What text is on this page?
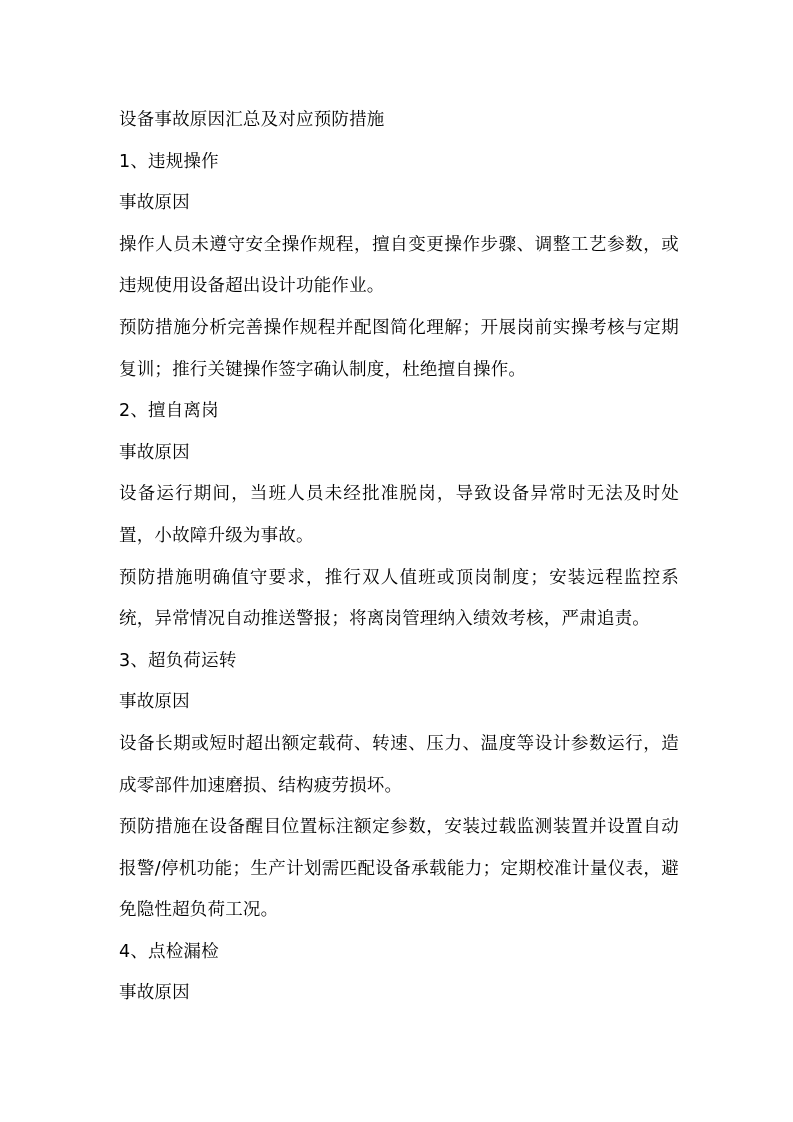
设备事故原因汇总及对应预防措施
1、违规操作
事故原因
操作人员未遵守安全操作规程，擅自变更操作步骤、调整工艺参数，或违规使用设备超出设计功能作业。
预防措施分析完善操作规程并配图简化理解；开展岗前实操考核与定期复训；推行关键操作签字确认制度，杜绝擅自操作。
2、擅自离岗
事故原因
设备运行期间，当班人员未经批准脱岗，导致设备异常时无法及时处置，小故障升级为事故。
预防措施明确值守要求，推行双人值班或顶岗制度；安装远程监控系统，异常情况自动推送警报；将离岗管理纳入绩效考核，严肃追责。
3、超负荷运转
事故原因
设备长期或短时超出额定载荷、转速、压力、温度等设计参数运行，造成零部件加速磨损、结构疲劳损坏。
预防措施在设备醒目位置标注额定参数，安装过载监测装置并设置自动报警/停机功能；生产计划需匹配设备承载能力；定期校准计量仪表，避免隐性超负荷工况。
4、点检漏检
事故原因
